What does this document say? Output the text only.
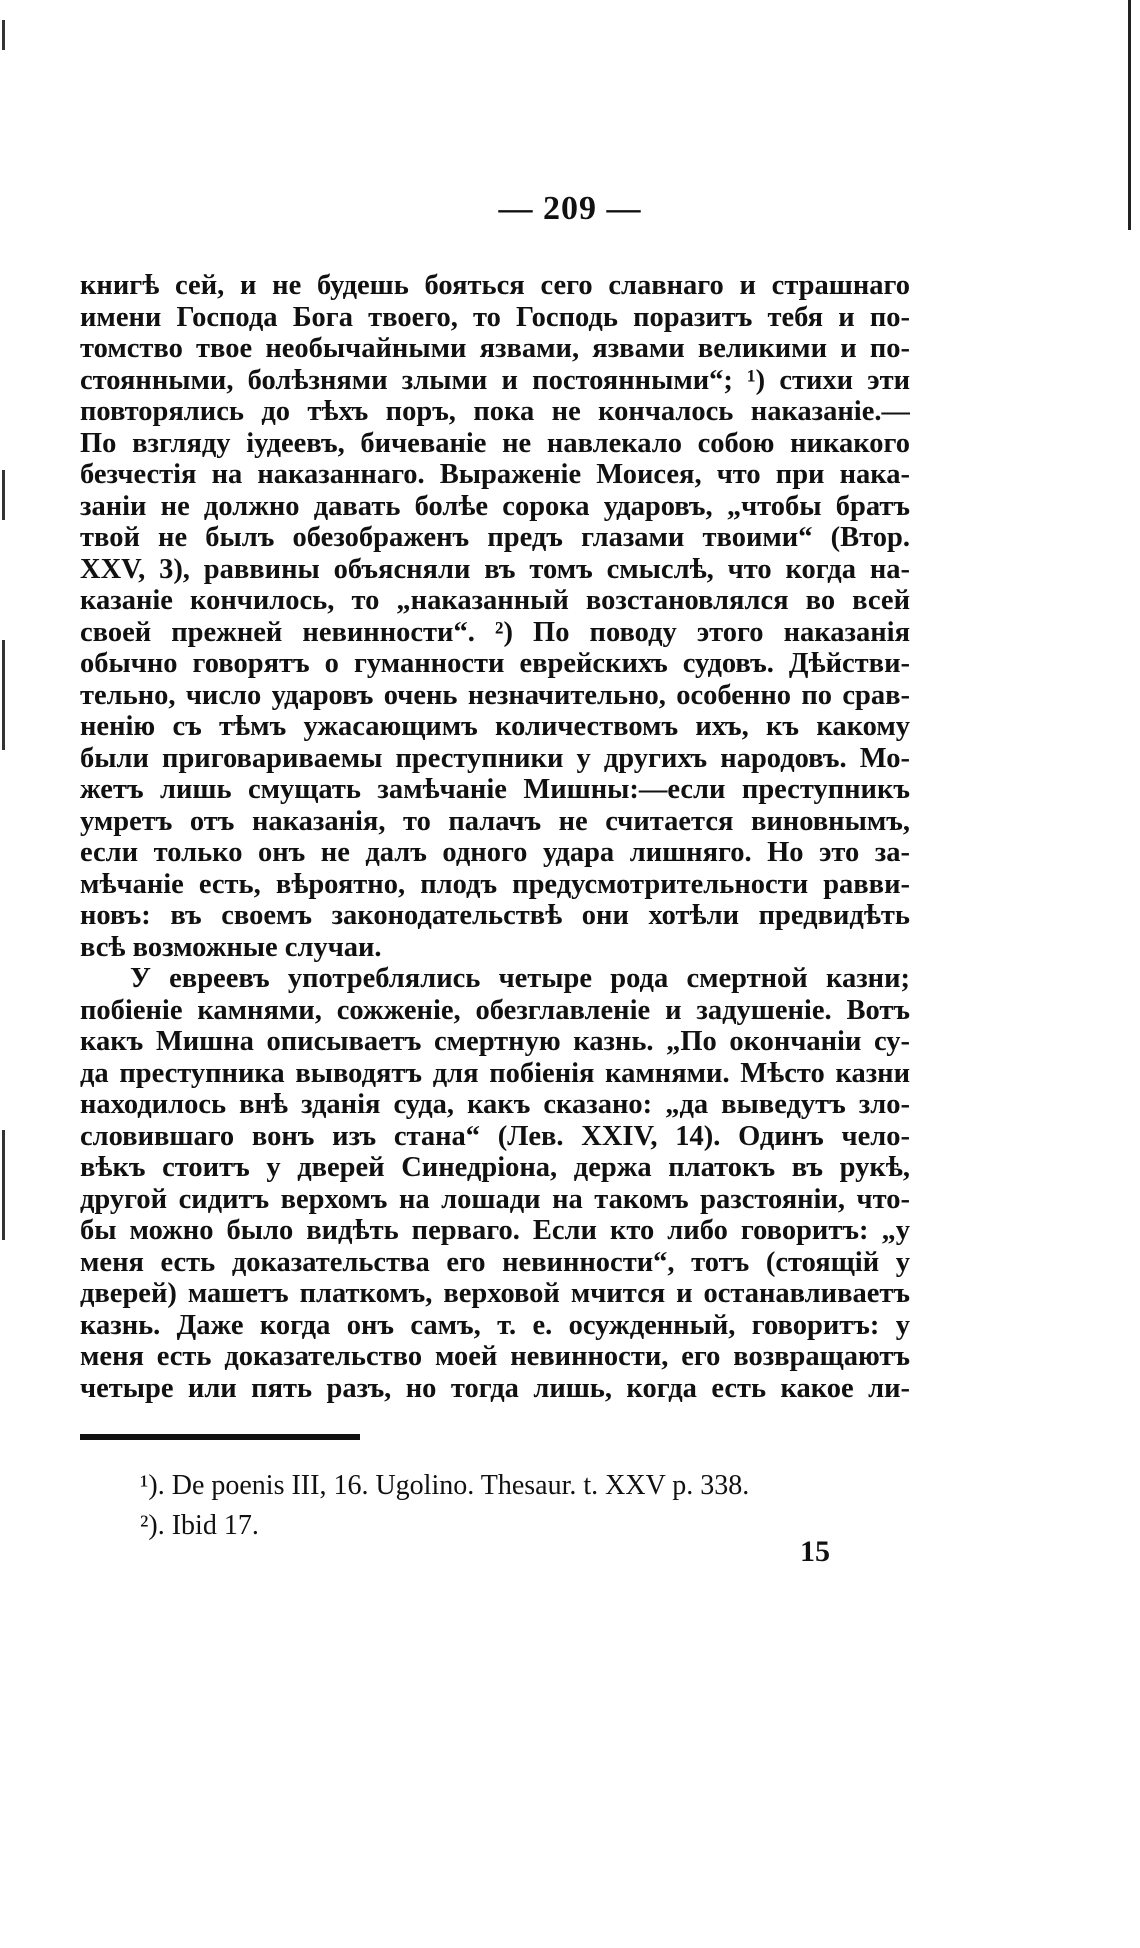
— 209 —
книгѣ сей, и не будешь бояться сего славнаго и страшнаго
имени Господа Бога твоего, то Господь поразитъ тебя и по-
томство твое необычайными язвами, язвами великими и по-
стоянными, болѣзнями злыми и постоянными“; ¹) стихи эти
повторялись до тѣхъ поръ, пока не кончалось наказаніе.—
По взгляду іудеевъ, бичеваніе не навлекало собою никакого
безчестія на наказаннаго. Выраженіе Моисея, что при нака-
заніи не должно давать болѣе сорока ударовъ, „чтобы братъ
твой не былъ обезображенъ предъ глазами твоими“ (Втор.
XXV, 3), раввины объясняли въ томъ смыслѣ, что когда на-
казаніе кончилось, то „наказанный возстановлялся во всей
своей прежней невинности“. ²) По поводу этого наказанія
обычно говорятъ о гуманности еврейскихъ судовъ. Дѣйстви-
тельно, число ударовъ очень незначительно, особенно по срав-
ненію съ тѣмъ ужасающимъ количествомъ ихъ, къ какому
были приговариваемы преступники у другихъ народовъ. Мо-
жетъ лишь смущать замѣчаніе Мишны:—если преступникъ
умретъ отъ наказанія, то палачъ не считается виновнымъ,
если только онъ не далъ одного удара лишняго. Но это за-
мѣчаніе есть, вѣроятно, плодъ предусмотрительности равви-
новъ: въ своемъ законодательствѣ они хотѣли предвидѣть
всѣ возможные случаи.
У евреевъ употреблялись четыре рода смертной казни;
побіеніе камнями, сожженіе, обезглавленіе и задушеніе. Вотъ
какъ Мишна описываетъ смертную казнь. „По окончаніи су-
да преступника выводятъ для побіенія камнями. Мѣсто казни
находилось внѣ зданія суда, какъ сказано: „да выведутъ зло-
словившаго вонъ изъ стана“ (Лев. XXIV, 14). Одинъ чело-
вѣкъ стоитъ у дверей Синедріона, держа платокъ въ рукѣ,
другой сидитъ верхомъ на лошади на такомъ разстояніи, что-
бы можно было видѣть перваго. Если кто либо говоритъ: „у
меня есть доказательства его невинности“, тотъ (стоящій у
дверей) машетъ платкомъ, верховой мчится и останавливаетъ
казнь. Даже когда онъ самъ, т. е. осужденный, говоритъ: у
меня есть доказательство моей невинности, его возвращаютъ
четыре или пять разъ, но тогда лишь, когда есть какое ли-
¹). De poenis III, 16. Ugolino. Thesaur. t. XXV p. 338.
²). Ibid 17.
15
